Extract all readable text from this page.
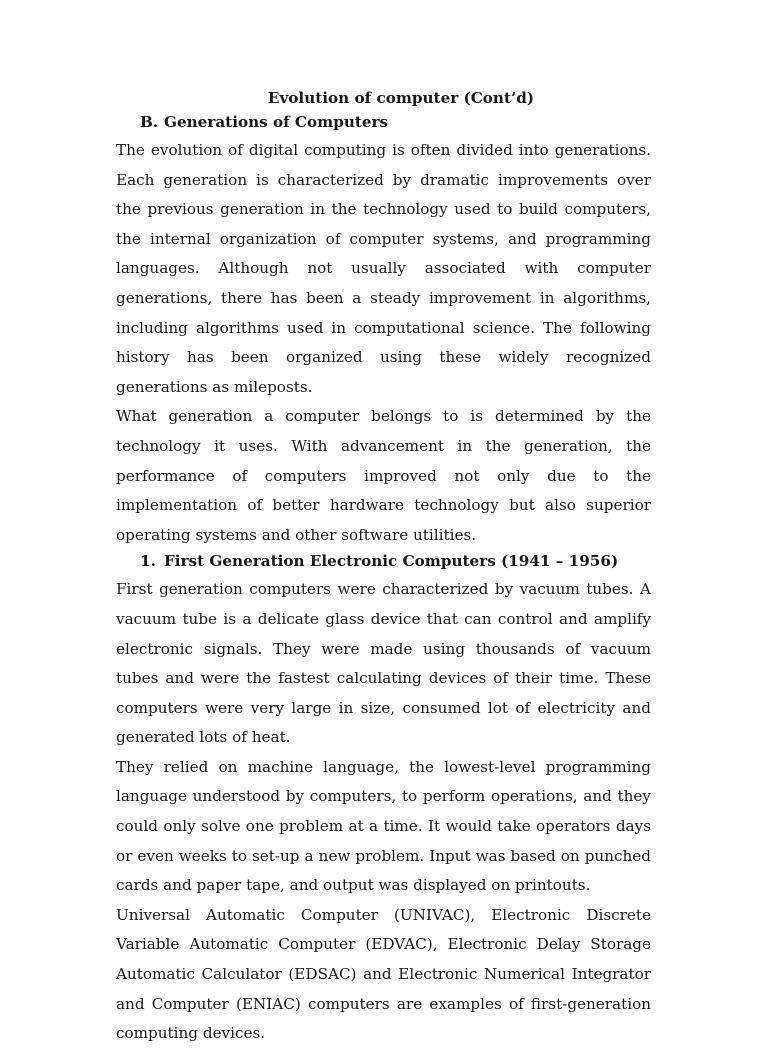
Evolution of computer (Cont’d)
B. Generations of Computers

The evolution of digital computing is often divided into generations. Each generation is characterized by dramatic improvements over the previous generation in the technology used to build computers, the internal organization of computer systems, and programming languages. Although not usually associated with computer generations, there has been a steady improvement in algorithms, including algorithms used in computational science. The following history has been organized using these widely recognized generations as mileposts.

What generation a computer belongs to is determined by the technology it uses. With advancement in the generation, the performance of computers improved not only due to the implementation of better hardware technology but also superior operating systems and other software utilities.

1. First Generation Electronic Computers (1941 – 1956)

First generation computers were characterized by vacuum tubes. A vacuum tube is a delicate glass device that can control and amplify electronic signals. They were made using thousands of vacuum tubes and were the fastest calculating devices of their time. These computers were very large in size, consumed lot of electricity and generated lots of heat.

They relied on machine language, the lowest-level programming language understood by computers, to perform operations, and they could only solve one problem at a time. It would take operators days or even weeks to set-up a new problem. Input was based on punched cards and paper tape, and output was displayed on printouts.

Universal Automatic Computer (UNIVAC), Electronic Discrete Variable Automatic Computer (EDVAC), Electronic Delay Storage Automatic Calculator (EDSAC) and Electronic Numerical Integrator and Computer (ENIAC) computers are examples of first-generation computing devices.
